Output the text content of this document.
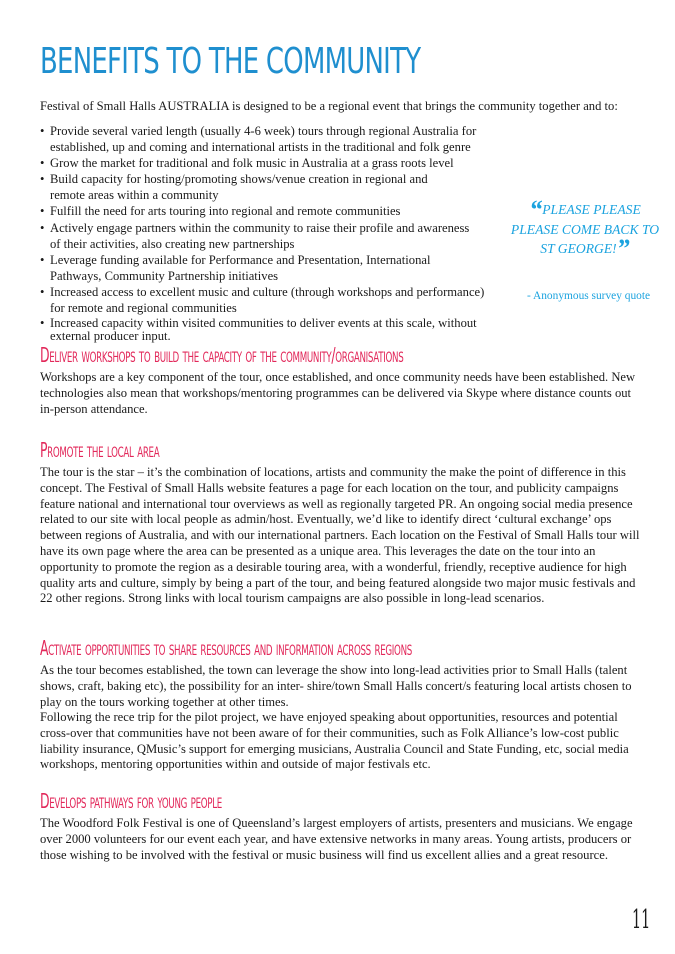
BENEFITS TO THE COMMUNITY

Festival of Small Halls AUSTRALIA is designed to be a regional event that brings the community together and to:

• Provide several varied length (usually 4-6 week) tours through regional Australia for established, up and coming and international artists in the traditional and folk genre
• Grow the market for traditional and folk music in Australia at a grass roots level
• Build capacity for hosting/promoting shows/venue creation in regional and remote areas within a community
• Fulfill the need for arts touring into regional and remote communities
• Actively engage partners within the community to raise their profile and awareness of their activities, also creating new partnerships
• Leverage funding available for Performance and Presentation, International Pathways, Community Partnership initiatives
• Increased access to excellent music and culture (through workshops and performance) for remote and regional communities
• Increased capacity within visited communities to deliver events at this scale, without external producer input.

“PLEASE PLEASE PLEASE COME BACK TO ST GEORGE!”

- Anonymous survey quote
Deliver workshops to build the capacity of the community/organisations

Workshops are a key component of the tour, once established, and once community needs have been established. New technologies also mean that workshops/mentoring programmes can be delivered via Skype where distance counts out in-person attendance.

Promote the local area

The tour is the star – it’s the combination of locations, artists and community the make the point of difference in this concept. The Festival of Small Halls website features a page for each location on the tour, and publicity campaigns feature national and international tour overviews as well as regionally targeted PR. An ongoing social media presence related to our site with local people as admin/host. Eventually, we’d like to identify direct ‘cultural exchange’ ops between regions of Australia, and with our international partners. Each location on the Festival of Small Halls tour will have its own page where the area can be presented as a unique area. This leverages the date on the tour into an opportunity to promote the region as a desirable touring area, with a wonderful, friendly, receptive audience for high quality arts and culture, simply by being a part of the tour, and being featured alongside two major music festivals and 22 other regions. Strong links with local tourism campaigns are also possible in long-lead scenarios.

Activate opportunities to share resources and information across regions

As the tour becomes established, the town can leverage the show into long-lead activities prior to Small Halls (talent shows, craft, baking etc), the possibility for an inter- shire/town Small Halls concert/s featuring local artists chosen to play on the tours working together at other times.

Following the rece trip for the pilot project, we have enjoyed speaking about opportunities, resources and potential cross-over that communities have not been aware of for their communities, such as Folk Alliance’s low-cost public liability insurance, QMusic’s support for emerging musicians, Australia Council and State Funding, etc, social media workshops, mentoring opportunities within and outside of major festivals etc.

Develops pathways for young people

The Woodford Folk Festival is one of Queensland’s largest employers of artists, presenters and musicians. We engage over 2000 volunteers for our event each year, and have extensive networks in many areas. Young artists, producers or those wishing to be involved with the festival or music business will find us excellent allies and a great resource.

11
